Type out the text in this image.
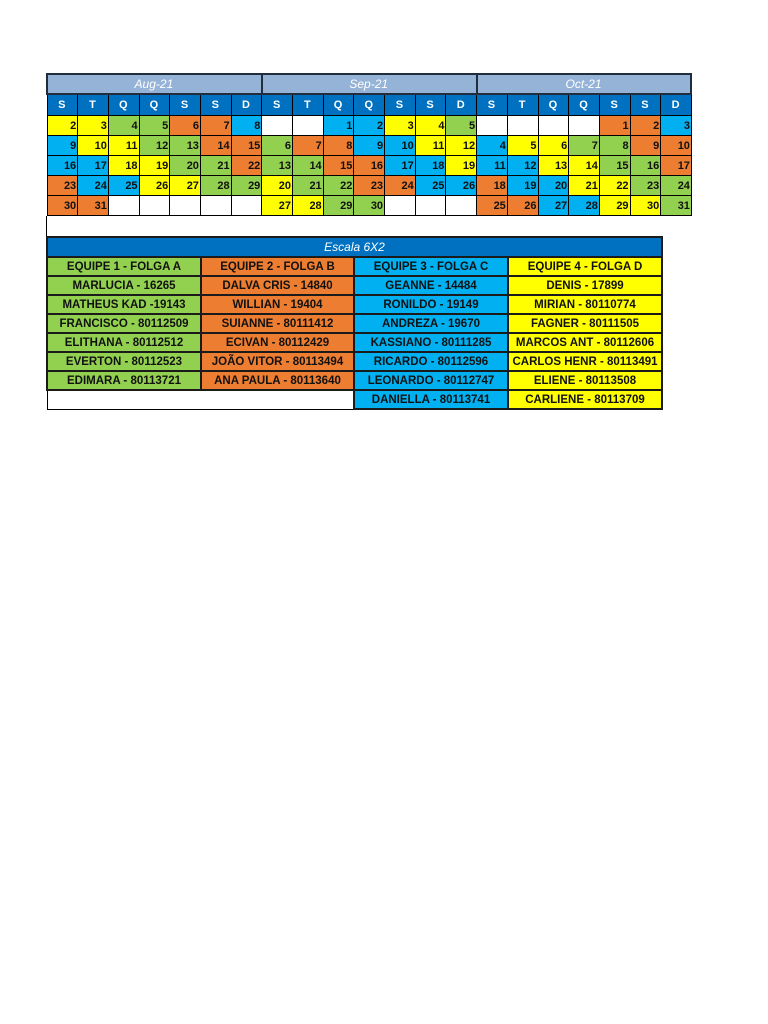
Aug-21							Sep-21							Oct-21						
S	T	Q	Q	S	S	D	S	T	Q	Q	S	S	D	S	T	Q	Q	S	S	D
2	3	4	5	6	7	8			1	2	3	4	5					1	2	3
9	10	11	12	13	14	15	6	7	8	9	10	11	12	4	5	6	7	8	9	10
16	17	18	19	20	21	22	13	14	15	16	17	18	19	11	12	13	14	15	16	17
23	24	25	26	27	28	29	20	21	22	23	24	25	26	18	19	20	21	22	23	24
30	31						27	28	29	30				25	26	27	28	29	30	31
Escala 6X2			
EQUIPE 1 - FOLGA A	EQUIPE 2 - FOLGA B	EQUIPE 3 - FOLGA C	EQUIPE 4 - FOLGA D
MARLUCIA - 16265	DALVA CRIS - 14840	GEANNE - 14484	DENIS - 17899
MATHEUS KAD -19143	WILLIAN - 19404	RONILDO - 19149	MIRIAN - 80110774
FRANCISCO - 80112509	SUIANNE - 80111412	ANDREZA - 19670	FAGNER - 80111505
ELITHANA - 80112512	ECIVAN - 80112429	KASSIANO - 80111285	MARCOS ANT - 80112606
EVERTON - 80112523	JOÃO VITOR - 80113494	RICARDO - 80112596	CARLOS HENR - 80113491
EDIMARA - 80113721	ANA PAULA - 80113640	LEONARDO - 80112747	ELIENE - 80113508
		DANIELLA - 80113741	CARLIENE - 80113709
